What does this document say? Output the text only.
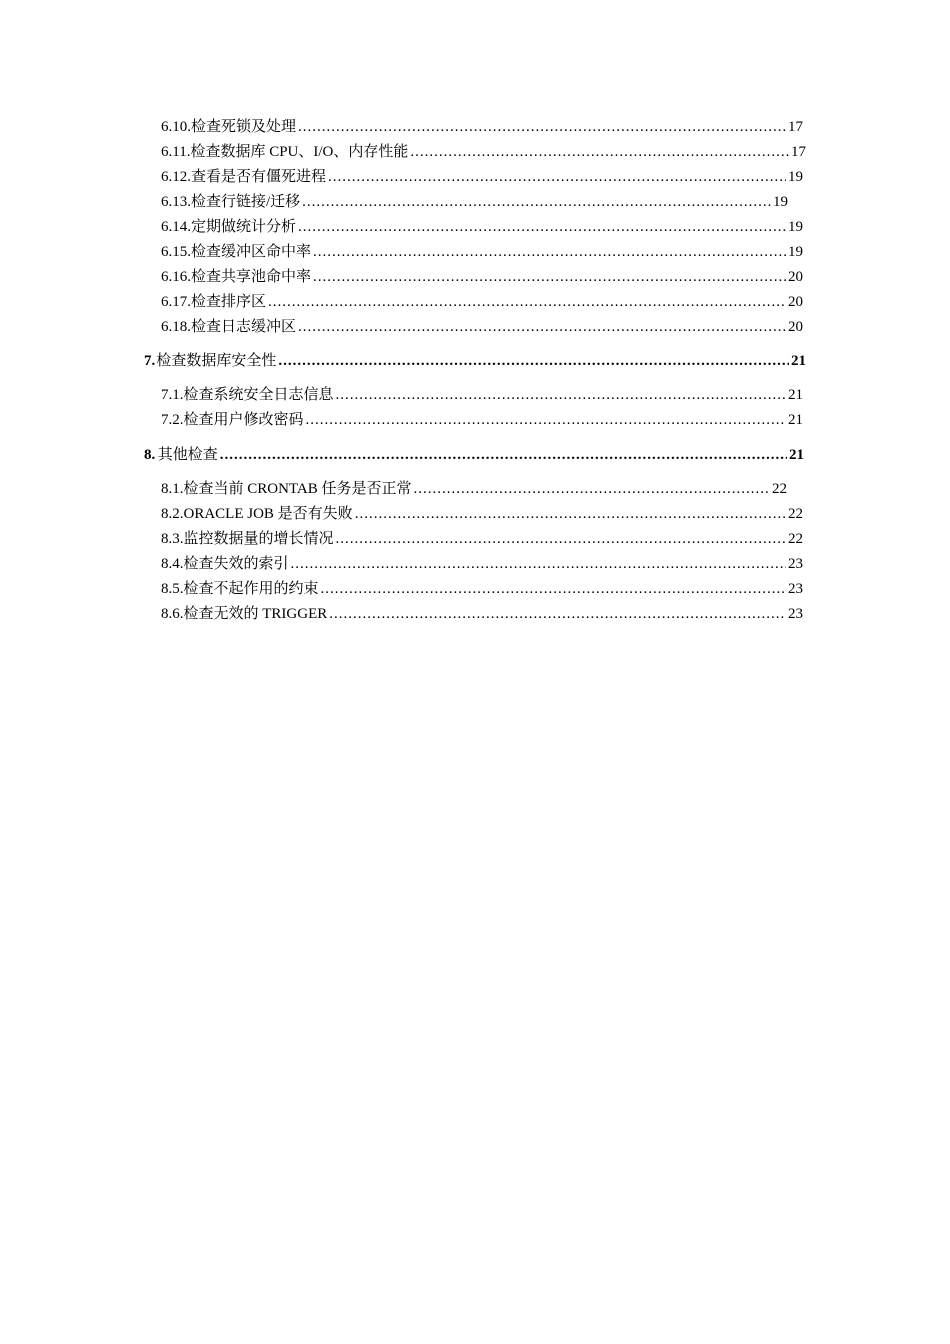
6.10. 检查死锁及处理 .....	17
6.11. 检查数据库 CPU、I/O、内存性能 .....	17
6.12. 查看是否有僵死进程 .....	19
6.13. 检查行链接/迁移 .....	19
6.14. 定期做统计分析 .....	19
6.15. 检查缓冲区命中率 .....	19
6.16. 检查共享池命中率 .....	20
6.17. 检查排序区 .....	20
6.18. 检查日志缓冲区 .....	20
7. 检查数据库安全性 .....	21
7.1. 检查系统安全日志信息 .....	21
7.2. 检查用户修改密码 .....	21
8. 其他检查 .....	21
8.1. 检查当前 CRONTAB 任务是否正常 .....	22
8.2. ORACLE JOB 是否有失败 .....	22
8.3. 监控数据量的增长情况 .....	22
8.4. 检查失效的索引 .....	23
8.5. 检查不起作用的约束 .....	23
8.6. 检查无效的 TRIGGER .....	23
